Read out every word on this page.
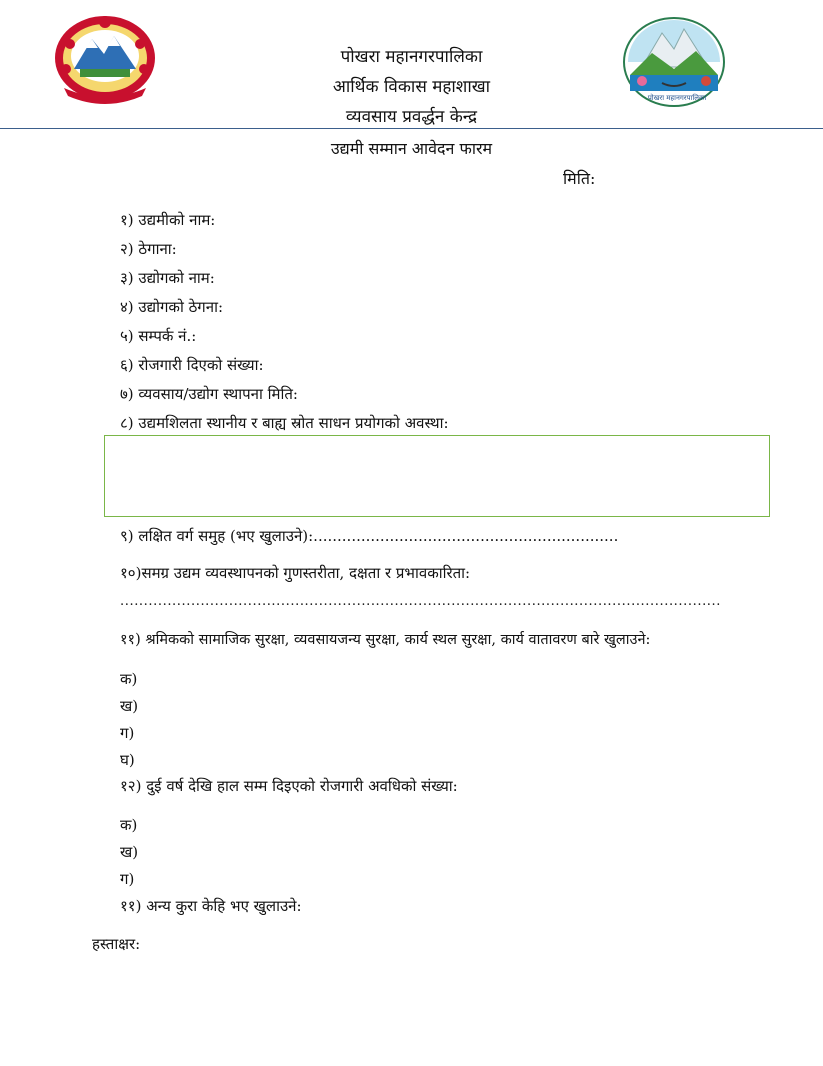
पोखरा महानगरपालिका
पोखरा महानगरपालिका
आर्थिक विकास महाशाखा
व्यवसाय प्रवर्द्धन केन्द्र
उद्यमी सम्मान आवेदन फारम
मिति:
१) उद्यमीको नाम:
२) ठेगाना:
३) उद्योगको नाम:
४) उद्योगको ठेगना:
५) सम्पर्क नं.:
६) रोजगारी दिएको संख्या:
७) व्यवसाय/उद्योग स्थापना मिति:
८) उद्यमशिलता स्थानीय र बाह्य स्रोत साधन प्रयोगको अवस्था:
९) लक्षित वर्ग समुह (भए खुलाउने):................................................................
१०)समग्र उद्यम व्यवस्थापनको गुणस्तरीता, दक्षता र प्रभावकारिता:
...............................................................................................................................
११) श्रमिकको सामाजिक सुरक्षा, व्यवसायजन्य सुरक्षा, कार्य स्थल सुरक्षा, कार्य वातावरण बारे खुलाउने:
क)
ख)
ग)
घ)
१२) दुई वर्ष देखि हाल सम्म दिइएको रोजगारी अवधिको संख्या:
क)
ख)
ग)
११) अन्य कुरा केहि भए खुलाउने:
हस्ताक्षर:
